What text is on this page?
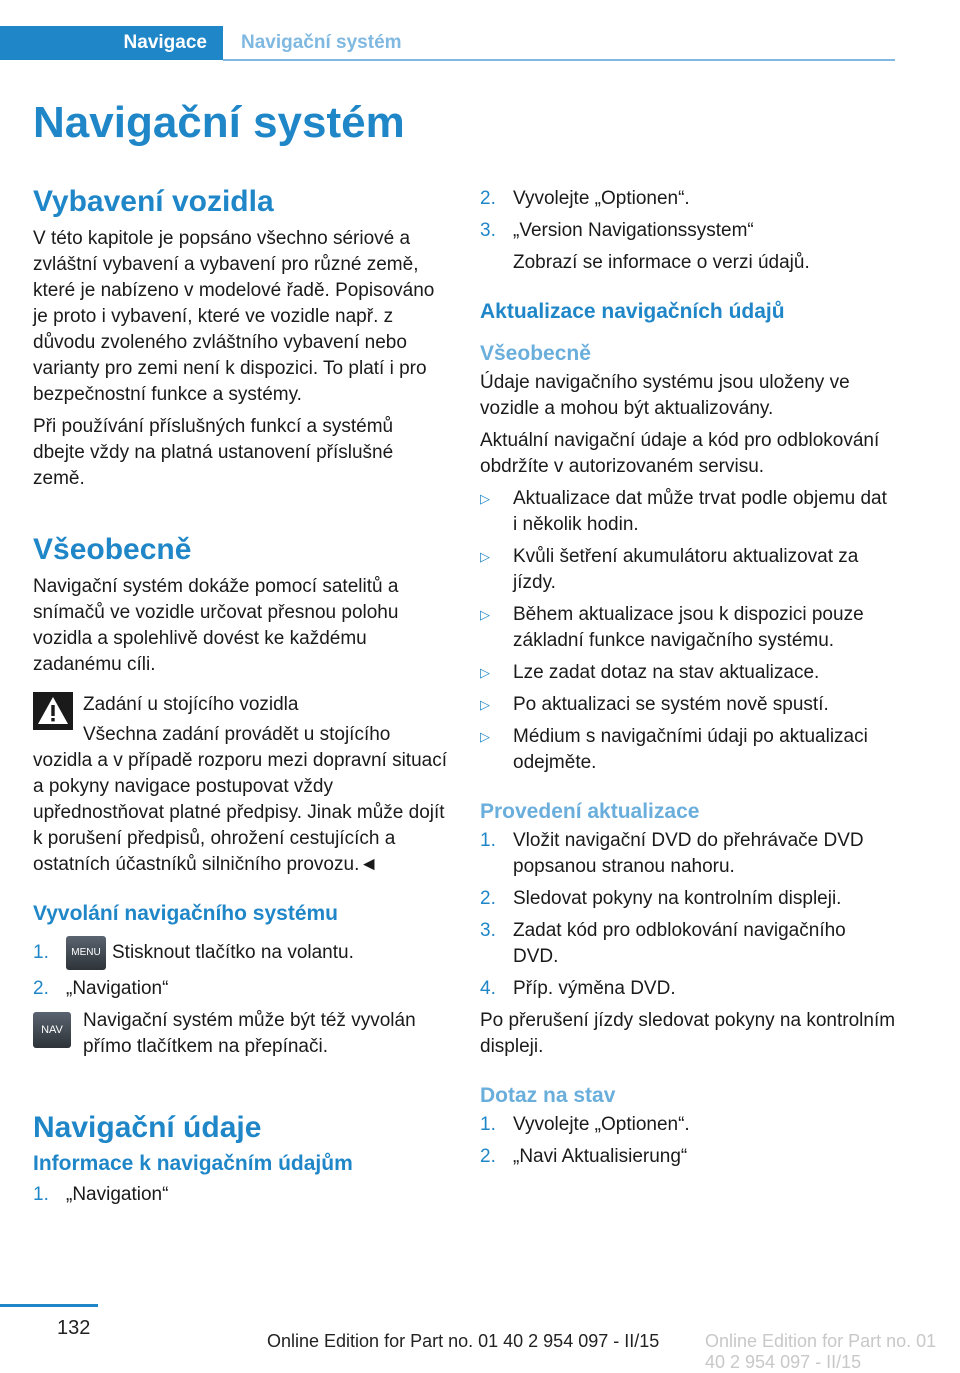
Navigace	Navigační systém
Navigační systém
Vybavení vozidla

V této kapitole je popsáno všechno sériové a zvláštní vybavení a vybavení pro různé země, které je nabízeno v modelové řadě. Popisováno je proto i vybavení, které ve vozidle např. z důvodu zvoleného zvláštního vybavení nebo varianty pro zemi není k dispozici. To platí i pro bezpečnostní funkce a systémy.

Při používání příslušných funkcí a systémů dbejte vždy na platná ustanovení příslušné země.

Všeobecně

Navigační systém dokáže pomocí satelitů a snímačů ve vozidle určovat přesnou polohu vozidla a spolehlivě dovést ke každému zadanému cíli.

Zadání u stojícího vozidla

Všechna zadání provádět u stojícího vozidla a v případě rozporu mezi dopravní situací a pokyny navigace postupovat vždy upřednostňovat platné předpisy. Jinak může dojít k porušení předpisů, ohrožení cestujících a ostatních účastníků silničního provozu.◄

Vyvolání navigačního systému
1.	MENU Stisknout tlačítko na volantu.
2. „Navigation“
NAV	Navigační systém může být též vyvolán přímo tlačítkem na přepínači.
Navigační údaje
Informace k navigačním údajům
1. „Navigation“
2. Vyvolejte „Optionen“.
3. „Version Navigationssystem“

Zobrazí se informace o verzi údajů.

Aktualizace navigačních údajů
Všeobecně

Údaje navigačního systému jsou uloženy ve vozidle a mohou být aktualizovány.

Aktuální navigační údaje a kód pro odblokování obdržíte v autorizovaném servisu.

▷	Aktualizace dat může trvat podle objemu dat i několik hodin.
▷	Kvůli šetření akumulátoru aktualizovat za jízdy.
▷	Během aktualizace jsou k dispozici pouze základní funkce navigačního systému.
▷	Lze zadat dotaz na stav aktualizace.
▷	Po aktualizaci se systém nově spustí.
▷	Médium s navigačními údaji po aktualizaci odejměte.
Provedení aktualizace
1. Vložit navigační DVD do přehrávače DVD popsanou stranou nahoru.
2. Sledovat pokyny na kontrolním displeji.
3. Zadat kód pro odblokování navigačního DVD.
4. Příp. výměna DVD.

Po přerušení jízdy sledovat pokyny na kontrolním displeji.

Dotaz na stav
1. Vyvolejte „Optionen“.
2. „Navi Aktualisierung“
132
Online Edition for Part no. 01 40 2 954 097 - II/15	Online Edition for Part no. 01 40 2 954 097 - II/15
